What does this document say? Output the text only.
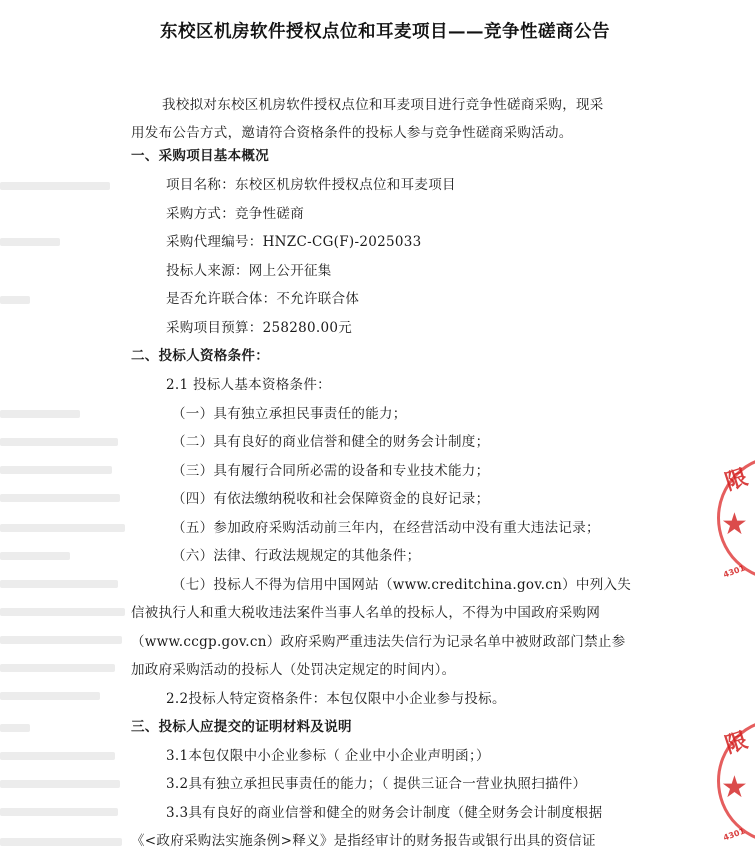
东校区机房软件授权点位和耳麦项目——竞争性磋商公告
我校拟对东校区机房软件授权点位和耳麦项目进行竞争性磋商采购，现采
用发布公告方式，邀请符合资格条件的投标人参与竞争性磋商采购活动。
一、采购项目基本概况
项目名称：东校区机房软件授权点位和耳麦项目
采购方式：竞争性磋商
采购代理编号：HNZC-CG(F)-2025033
投标人来源：网上公开征集
是否允许联合体：不允许联合体
采购项目预算：258280.00元
二、投标人资格条件：
2.1 投标人基本资格条件：
（一）具有独立承担民事责任的能力；
（二）具有良好的商业信誉和健全的财务会计制度；
（三）具有履行合同所必需的设备和专业技术能力；
（四）有依法缴纳税收和社会保障资金的良好记录；
（五）参加政府采购活动前三年内，在经营活动中没有重大违法记录；
（六）法律、行政法规规定的其他条件；
（七）投标人不得为信用中国网站（www.creditchina.gov.cn）中列入失
信被执行人和重大税收违法案件当事人名单的投标人，不得为中国政府采购网
（www.ccgp.gov.cn）政府采购严重违法失信行为记录名单中被财政部门禁止参
加政府采购活动的投标人（处罚决定规定的时间内）。
2.2投标人特定资格条件：本包仅限中小企业参与投标。
三、投标人应提交的证明材料及说明
3.1本包仅限中小企业参标（ 企业中小企业声明函；）
3.2具有独立承担民事责任的能力；（ 提供三证合一营业执照扫描件）
3.3具有良好的商业信誉和健全的财务会计制度（健全财务会计制度根据
《<政府采购法实施条例>释义》是指经审计的财务报告或银行出具的资信证
限
★
4301
限
★
4301
